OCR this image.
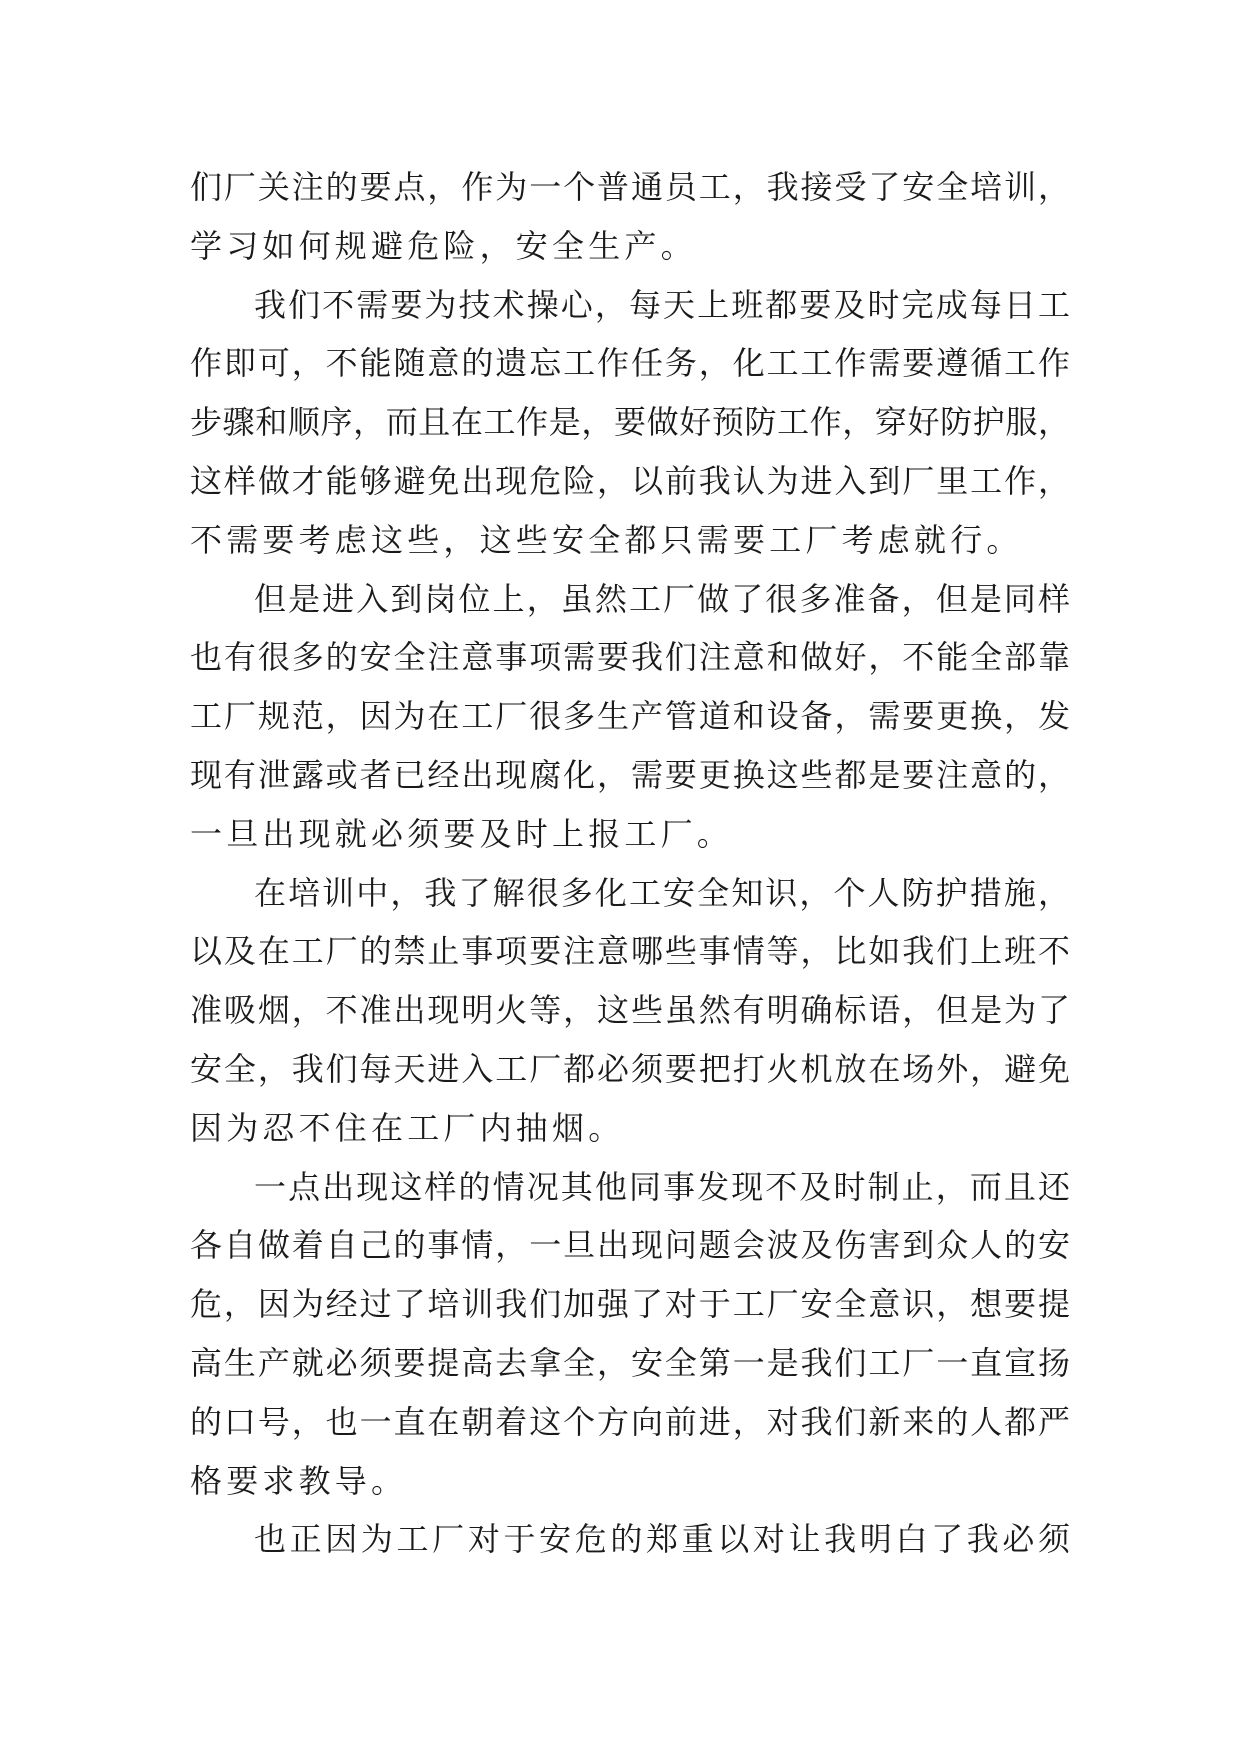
们厂关注的要点，作为一个普通员工，我接受了安全培训，
学习如何规避危险，安全生产。
我们不需要为技术操心，每天上班都要及时完成每日工
作即可，不能随意的遗忘工作任务，化工工作需要遵循工作
步骤和顺序，而且在工作是，要做好预防工作，穿好防护服，
这样做才能够避免出现危险，以前我认为进入到厂里工作，
不需要考虑这些，这些安全都只需要工厂考虑就行。
但是进入到岗位上，虽然工厂做了很多准备，但是同样
也有很多的安全注意事项需要我们注意和做好，不能全部靠
工厂规范，因为在工厂很多生产管道和设备，需要更换，发
现有泄露或者已经出现腐化，需要更换这些都是要注意的，
一旦出现就必须要及时上报工厂。
在培训中，我了解很多化工安全知识，个人防护措施，
以及在工厂的禁止事项要注意哪些事情等，比如我们上班不
准吸烟，不准出现明火等，这些虽然有明确标语，但是为了
安全，我们每天进入工厂都必须要把打火机放在场外，避免
因为忍不住在工厂内抽烟。
一点出现这样的情况其他同事发现不及时制止，而且还
各自做着自己的事情，一旦出现问题会波及伤害到众人的安
危，因为经过了培训我们加强了对于工厂安全意识，想要提
高生产就必须要提高去拿全，安全第一是我们工厂一直宣扬
的口号，也一直在朝着这个方向前进，对我们新来的人都严
格要求教导。
也正因为工厂对于安危的郑重以对让我明白了我必须
